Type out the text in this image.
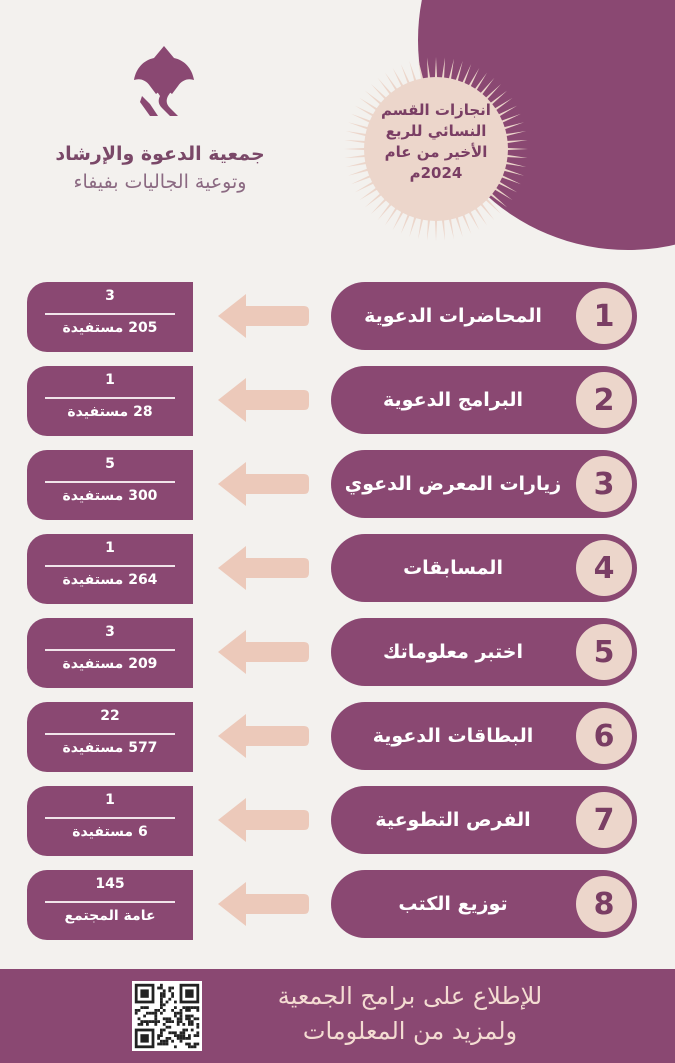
انجازات القسم
النسائي للربع
الأخير من عام
2024م
جمعية الدعوة والإرشاد
وتوعية الجاليات بفيفاء
3
205 مستفيدة
المحاضرات الدعوية	1
1
28 مستفيدة
البرامج الدعوية	2
5
300 مستفيدة
زيارات المعرض الدعوي	3
1
264 مستفيدة
المسابقات	4
3
209 مستفيدة
اختبر معلوماتك	5
22
577 مستفيدة
البطاقات الدعوية	6
1
6 مستفيدة
الفرص التطوعية	7
145
عامة المجتمع
توزيع الكتب	8
للإطلاع على برامج الجمعية
ولمزيد من المعلومات
